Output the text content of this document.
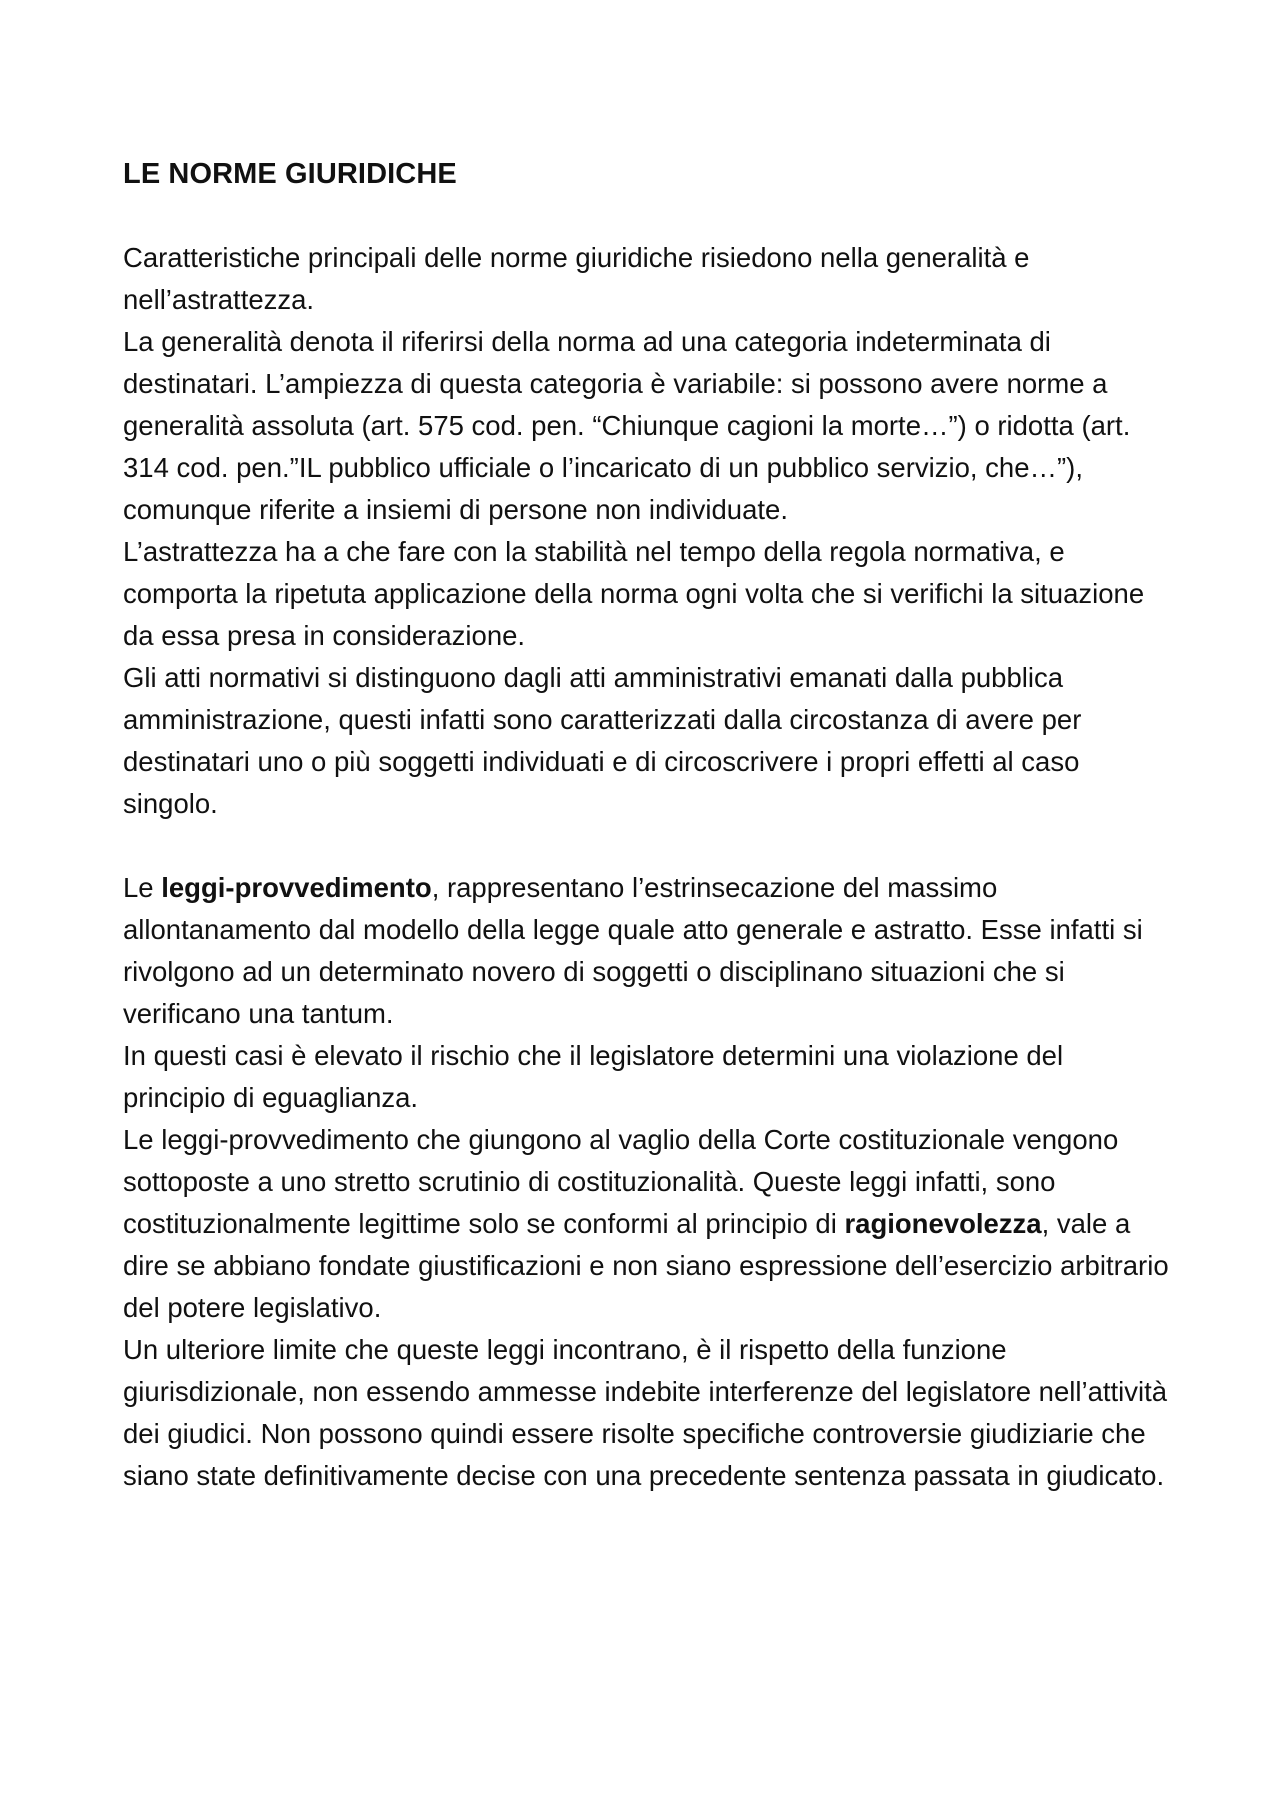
LE NORME GIURIDICHE

Caratteristiche principali delle norme giuridiche risiedono nella generalità e nell’astrattezza.

La generalità denota il riferirsi della norma ad una categoria indeterminata di destinatari. L’ampiezza di questa categoria è variabile: si possono avere norme a generalità assoluta (art. 575 cod. pen. “Chiunque cagioni la morte…”) o ridotta (art. 314 cod. pen.”IL pubblico ufficiale o l’incaricato di un pubblico servizio, che…”), comunque riferite a insiemi di persone non individuate.

L’astrattezza ha a che fare con la stabilità nel tempo della regola normativa, e comporta la ripetuta applicazione della norma ogni volta che si verifichi la situazione da essa presa in considerazione.

Gli atti normativi si distinguono dagli atti amministrativi emanati dalla pubblica amministrazione, questi infatti sono caratterizzati dalla circostanza di avere per destinatari uno o più soggetti individuati e di circoscrivere i propri effetti al caso singolo.

Le leggi-provvedimento, rappresentano l’estrinsecazione del massimo allontanamento dal modello della legge quale atto generale e astratto. Esse infatti si rivolgono ad un determinato novero di soggetti o disciplinano situazioni che si verificano una tantum.

In questi casi è elevato il rischio che il legislatore determini una violazione del principio di eguaglianza.

Le leggi-provvedimento che giungono al vaglio della Corte costituzionale vengono sottoposte a uno stretto scrutinio di costituzionalità. Queste leggi infatti, sono costituzionalmente legittime solo se conformi al principio di ragionevolezza, vale a dire se abbiano fondate giustificazioni e non siano espressione dell’esercizio arbitrario del potere legislativo.

Un ulteriore limite che queste leggi incontrano, è il rispetto della funzione giurisdizionale, non essendo ammesse indebite interferenze del legislatore nell’attività dei giudici. Non possono quindi essere risolte specifiche controversie giudiziarie che siano state definitivamente decise con una precedente sentenza passata in giudicato.
